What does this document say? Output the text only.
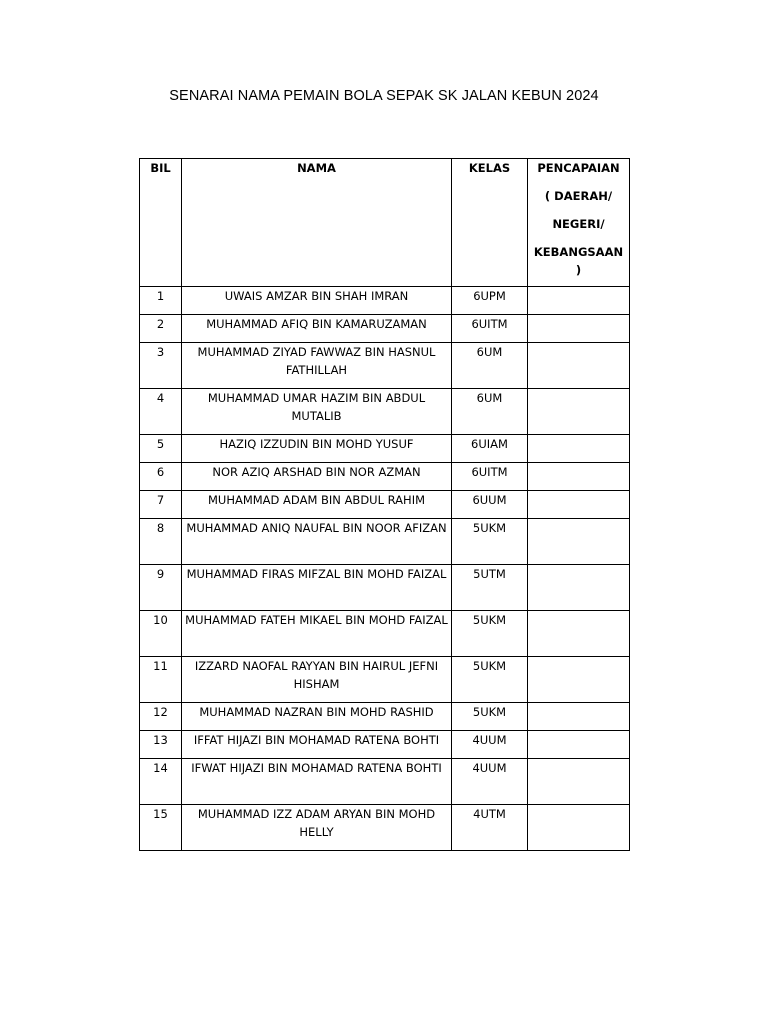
SENARAI NAMA PEMAIN BOLA SEPAK SK JALAN KEBUN 2024
BIL	NAMA	KELAS	PENCAPAIAN
( DAERAH/
NEGERI/
KEBANGSAAN
)

1	UWAIS AMZAR BIN SHAH IMRAN	6UPM	
2	MUHAMMAD AFIQ BIN KAMARUZAMAN	6UITM	
3	MUHAMMAD ZIYAD FAWWAZ BIN HASNUL FATHILLAH	6UM	
4	MUHAMMAD UMAR HAZIM BIN ABDUL MUTALIB	6UM	
5	HAZIQ IZZUDIN BIN MOHD YUSUF	6UIAM	
6	NOR AZIQ ARSHAD BIN NOR AZMAN	6UITM	
7	MUHAMMAD ADAM BIN ABDUL RAHIM	6UUM	
8	MUHAMMAD ANIQ NAUFAL BIN NOOR AFIZAN	5UKM	
9	MUHAMMAD FIRAS MIFZAL BIN MOHD FAIZAL	5UTM	
10	MUHAMMAD FATEH MIKAEL BIN MOHD FAIZAL	5UKM	
11	IZZARD NAOFAL RAYYAN BIN HAIRUL JEFNI HISHAM	5UKM	
12	MUHAMMAD NAZRAN BIN MOHD RASHID	5UKM	
13	IFFAT HIJAZI BIN MOHAMAD RATENA BOHTI	4UUM	
14	IFWAT HIJAZI BIN MOHAMAD RATENA BOHTI	4UUM	
15	MUHAMMAD IZZ ADAM ARYAN BIN MOHD HELLY	4UTM	
